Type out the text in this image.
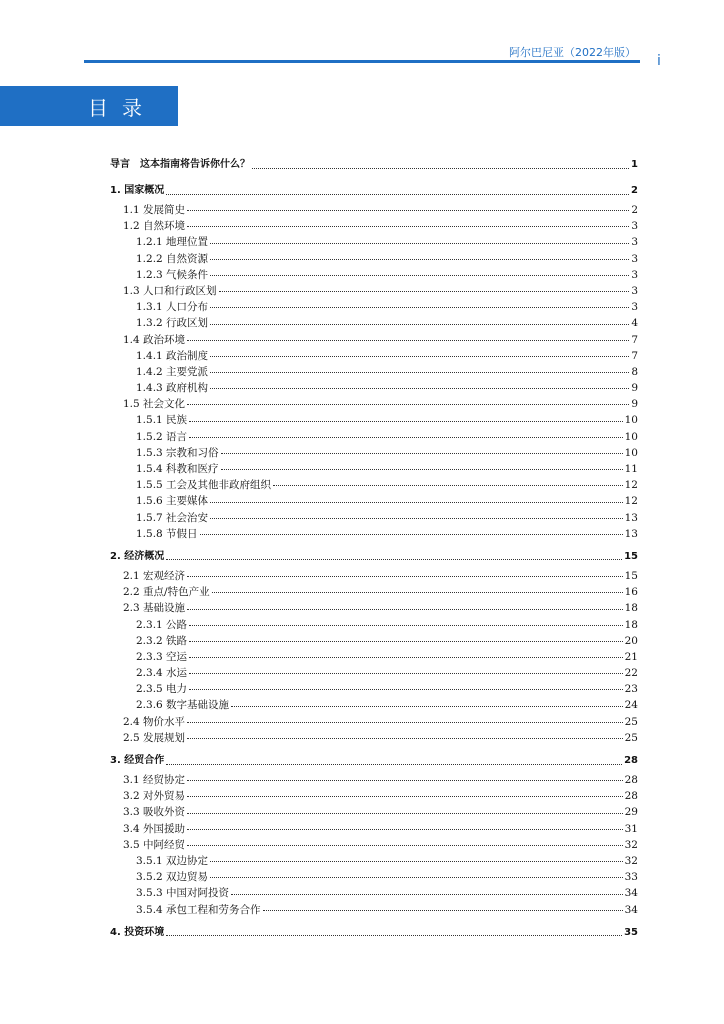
阿尔巴尼亚（2022年版）
i
目录
导言　这本指南将告诉你什么？	1
1. 国家概况	2
1.1 发展简史	2
1.2 自然环境	3
1.2.1 地理位置	3
1.2.2 自然资源	3
1.2.3 气候条件	3
1.3 人口和行政区划	3
1.3.1 人口分布	3
1.3.2 行政区划	4
1.4 政治环境	7
1.4.1 政治制度	7
1.4.2 主要党派	8
1.4.3 政府机构	9
1.5 社会文化	9
1.5.1 民族	10
1.5.2 语言	10
1.5.3 宗教和习俗	10
1.5.4 科教和医疗	11
1.5.5 工会及其他非政府组织	12
1.5.6 主要媒体	12
1.5.7 社会治安	13
1.5.8 节假日	13
2. 经济概况	15
2.1 宏观经济	15
2.2 重点/特色产业	16
2.3 基础设施	18
2.3.1 公路	18
2.3.2 铁路	20
2.3.3 空运	21
2.3.4 水运	22
2.3.5 电力	23
2.3.6 数字基础设施	24
2.4 物价水平	25
2.5 发展规划	25
3. 经贸合作	28
3.1 经贸协定	28
3.2 对外贸易	28
3.3 吸收外资	29
3.4 外国援助	31
3.5 中阿经贸	32
3.5.1 双边协定	32
3.5.2 双边贸易	33
3.5.3 中国对阿投资	34
3.5.4 承包工程和劳务合作	34
4. 投资环境	35
